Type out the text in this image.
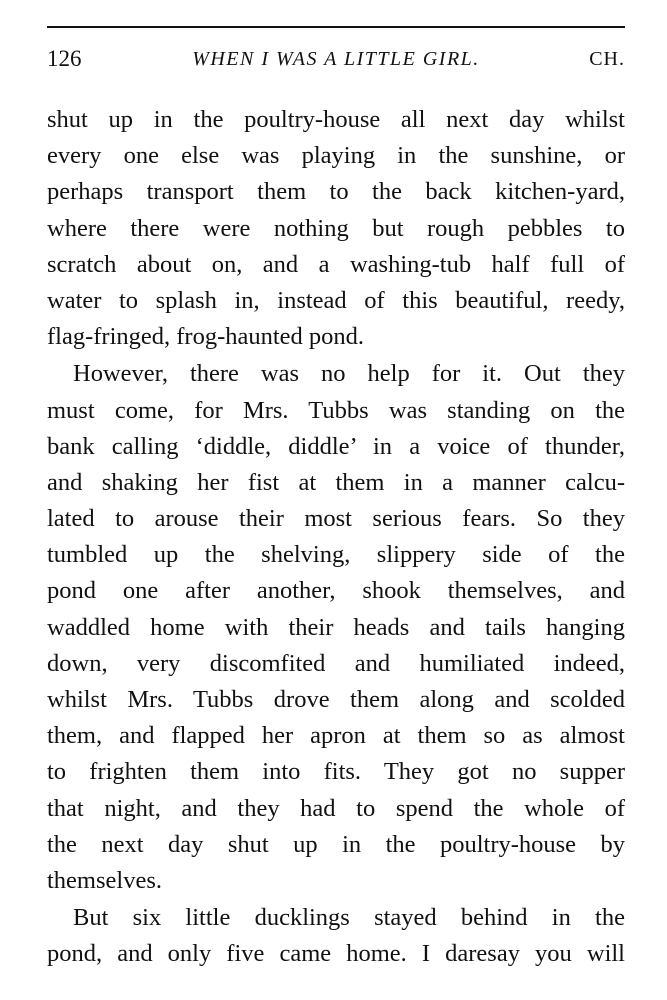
126	WHEN I WAS A LITTLE GIRL.	CH.
shut up in the poultry-house all next day whilst
every one else was playing in the sunshine, or
perhaps transport them to the back kitchen-yard,
where there were nothing but rough pebbles to
scratch about on, and a washing-tub half full of
water to splash in, instead of this beautiful, reedy,
flag-fringed, frog-haunted pond.
However, there was no help for it. Out they
must come, for Mrs. Tubbs was standing on the
bank calling ‘diddle, diddle’ in a voice of thunder,
and shaking her fist at them in a manner calcu-
lated to arouse their most serious fears. So they
tumbled up the shelving, slippery side of the
pond one after another, shook themselves, and
waddled home with their heads and tails hanging
down, very discomfited and humiliated indeed,
whilst Mrs. Tubbs drove them along and scolded
them, and flapped her apron at them so as almost
to frighten them into fits. They got no supper
that night, and they had to spend the whole of
the next day shut up in the poultry-house by
themselves.
But six little ducklings stayed behind in the
pond, and only five came home. I daresay you will
